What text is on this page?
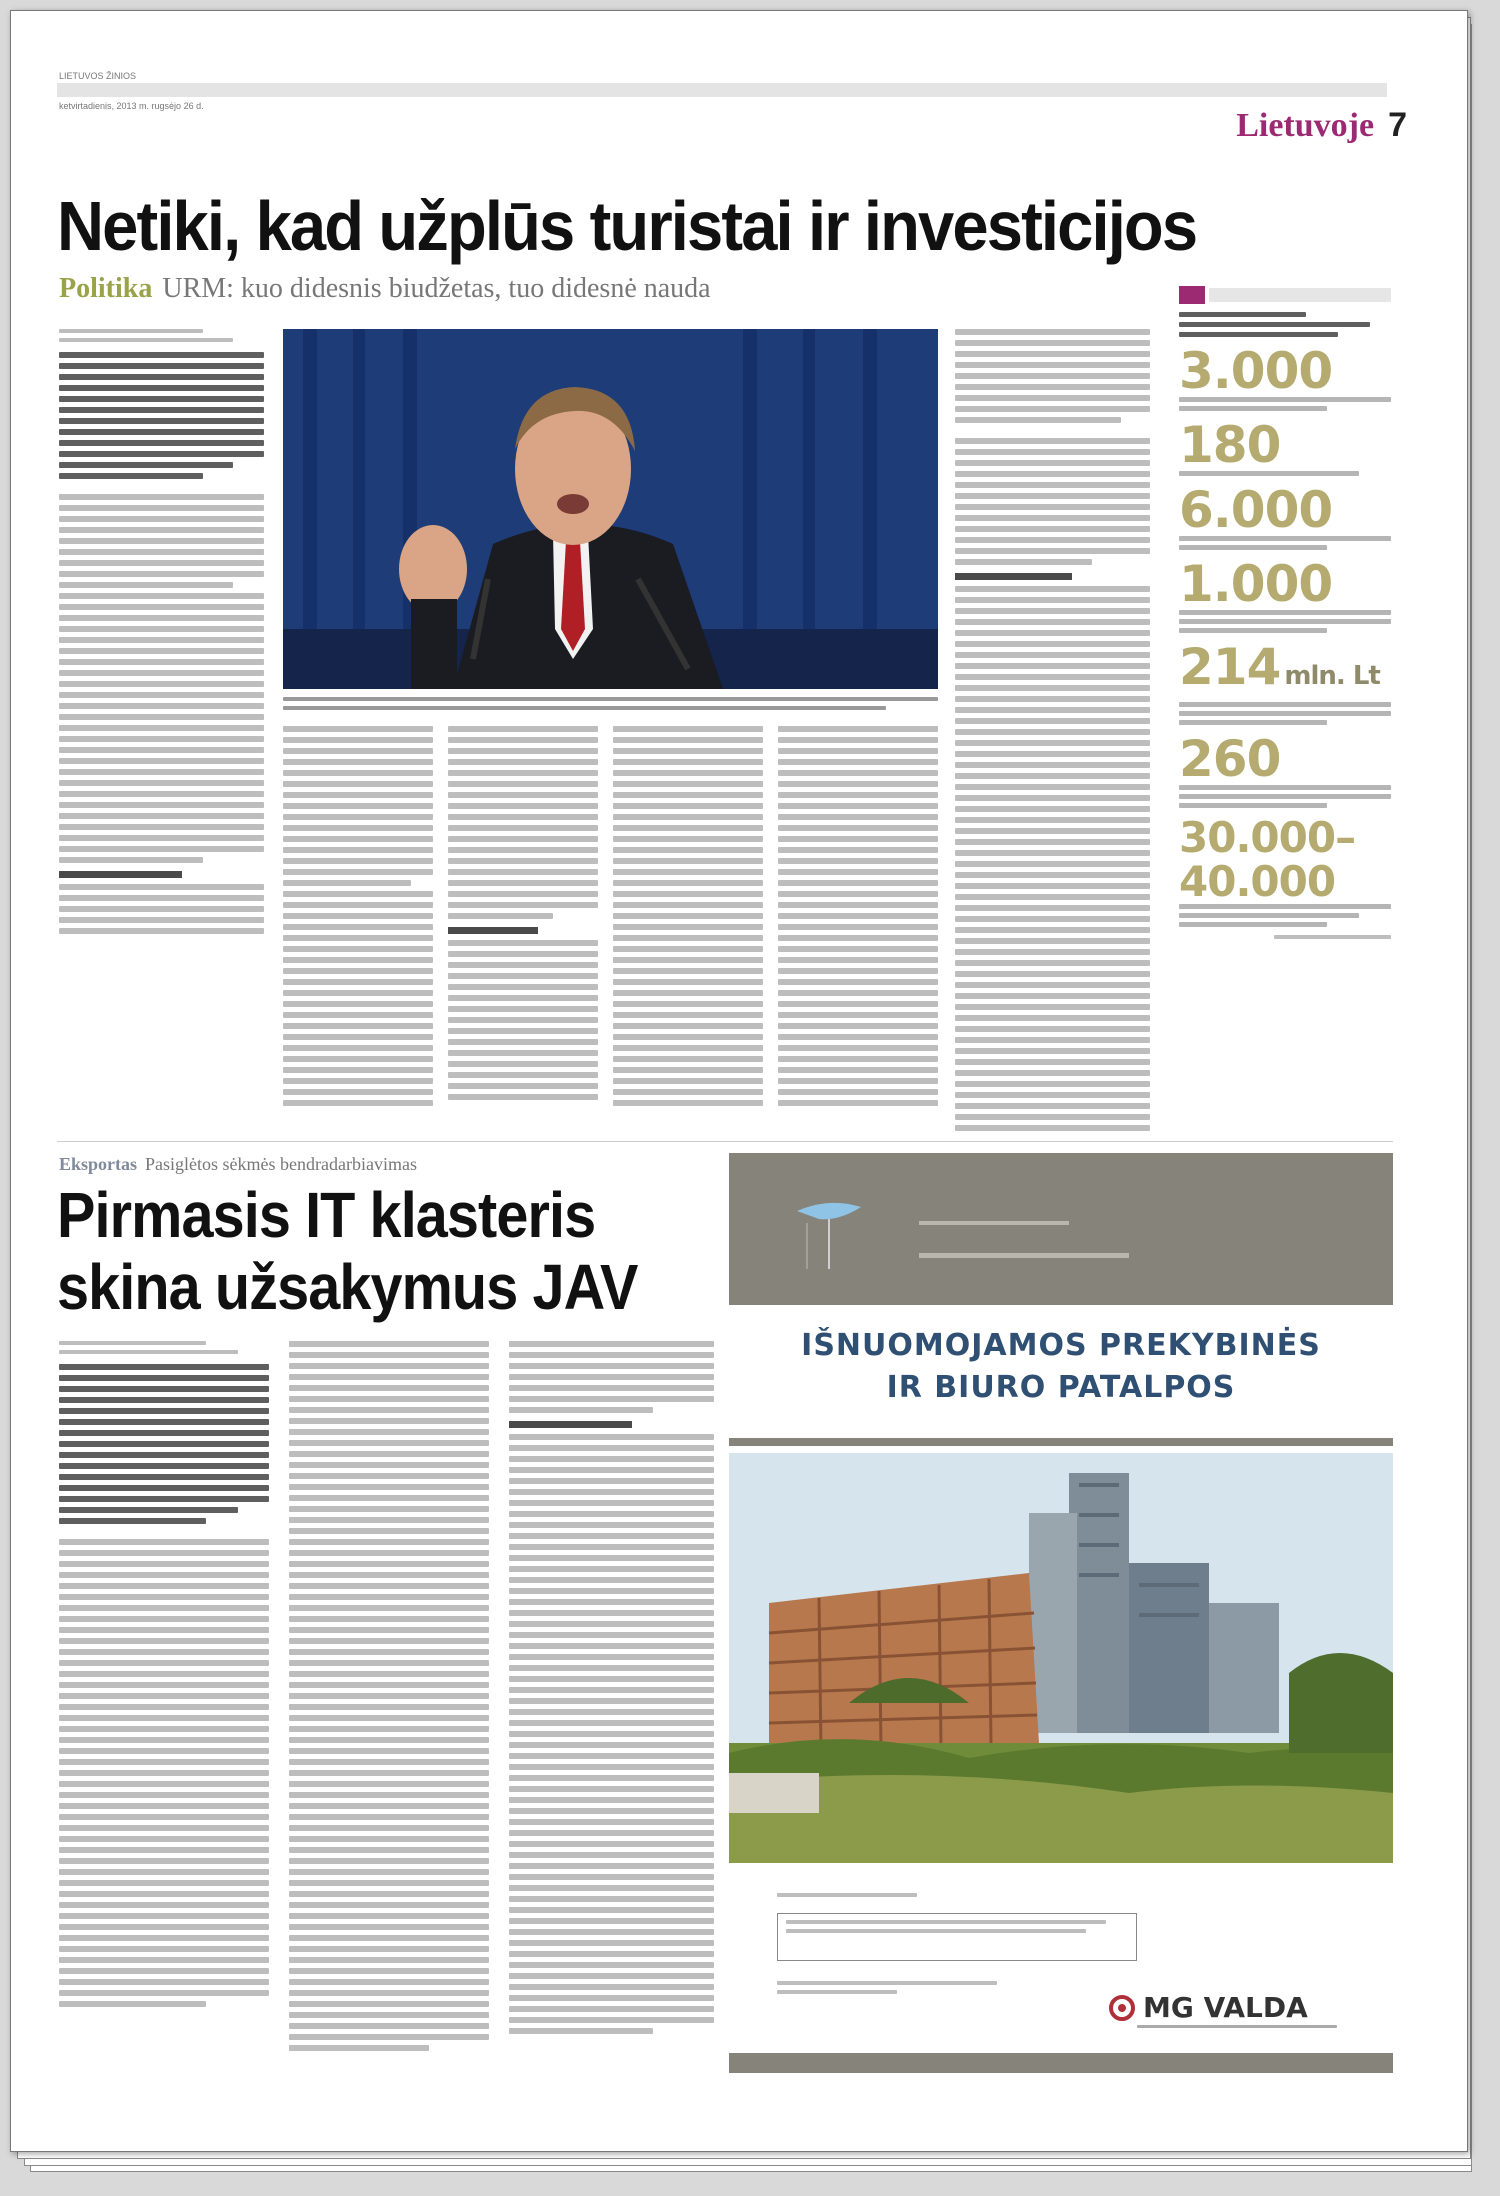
LIETUVOS ŽINIOS
ketvirtadienis, 2013 m. rugsėjo 26 d.
Lietuvoje 7
Netiki, kad užplūs turistai ir investicijos
Politika URM: kuo didesnis biudžetas, tuo didesnė nauda
3.000
180
6.000
1.000
214 mln. Lt
260
30.000–
40.000
Eksportas Pasiglėtos sėkmės bendradarbiavimas
Pirmasis IT klasteris
skina užsakymus JAV
IŠNUOMOJAMOS PREKYBINĖS
IR BIURO PATALPOS
MG VALDA
